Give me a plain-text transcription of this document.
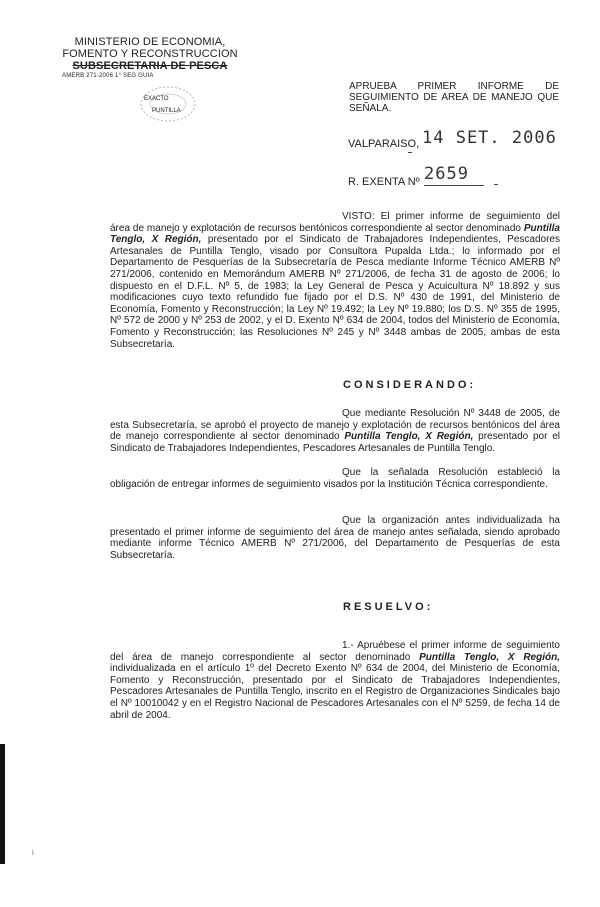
MINISTERIO DE ECONOMIA,
FOMENTO Y RECONSTRUCCION
SUBSECRETARIA DE PESCA
AMERB 271-2006 1° SEG GUIA
EXACTO
PUNTILLA
APRUEBA PRIMER INFORME DE SEGUIMIENTO DE AREA DE MANEJO QUE SEÑALA.
VALPARAISO, 14 SET. 2006
R. EXENTA Nº 2659
VISTO: El primer informe de seguimiento del área de manejo y explotación de recursos bentónicos correspondiente al sector denominado Puntilla Tenglo, X Región, presentado por el Sindicato de Trabajadores Independientes, Pescadores Artesanales de Puntilla Tenglo, visado por Consultora Pupalda Ltda.; lo informado por el Departamento de Pesquerías de la Subsecretaría de Pesca mediante Informe Técnico AMERB Nº 271/2006, contenido en Memorándum AMERB Nº 271/2006, de fecha 31 de agosto de 2006; lo dispuesto en el D.F.L. Nº 5, de 1983; la Ley General de Pesca y Acuicultura Nº 18.892 y sus modificaciones cuyo texto refundido fue fijado por el D.S. Nº 430 de 1991, del Ministerio de Economía, Fomento y Reconstrucción; la Ley Nº 19.492; la Ley Nº 19.880; los D.S. Nº 355 de 1995, Nº 572 de 2000 y Nº 253 de 2002, y el D. Exento Nº 634 de 2004, todos del Ministerio de Economía, Fomento y Reconstrucción; las Resoluciones Nº 245 y Nº 3448 ambas de 2005, ambas de esta Subsecretaría.
CONSIDERANDO:
Que mediante Resolución Nº 3448 de 2005, de esta Subsecretaría, se aprobó el proyecto de manejo y explotación de recursos bentónicos del área de manejo correspondiente al sector denominado Puntilla Tenglo, X Región, presentado por el Sindicato de Trabajadores Independientes, Pescadores Artesanales de Puntilla Tenglo.
Que la señalada Resolución estableció la obligación de entregar informes de seguimiento visados por la Institución Técnica correspondiente.
Que la organización antes individualizada ha presentado el primer informe de seguimiento del área de manejo antes señalada, siendo aprobado mediante informe Técnico AMERB Nº 271/2006, del Departamento de Pesquerías de esta Subsecretaría.
RESUELVO:
1.- Apruébese el primer informe de seguimiento del área de manejo correspondiente al sector denominado Puntilla Tenglo, X Región, individualizada en el artículo 1º del Decreto Exento Nº 634 de 2004, del Ministerio de Economía, Fomento y Reconstrucción, presentado por el Sindicato de Trabajadores Independientes, Pescadores Artesanales de Puntilla Tenglo, inscrito en el Registro de Organizaciones Sindicales bajo el Nº 10010042 y en el Registro Nacional de Pescadores Artesanales con el Nº 5259, de fecha 14 de abril de 2004.
i
